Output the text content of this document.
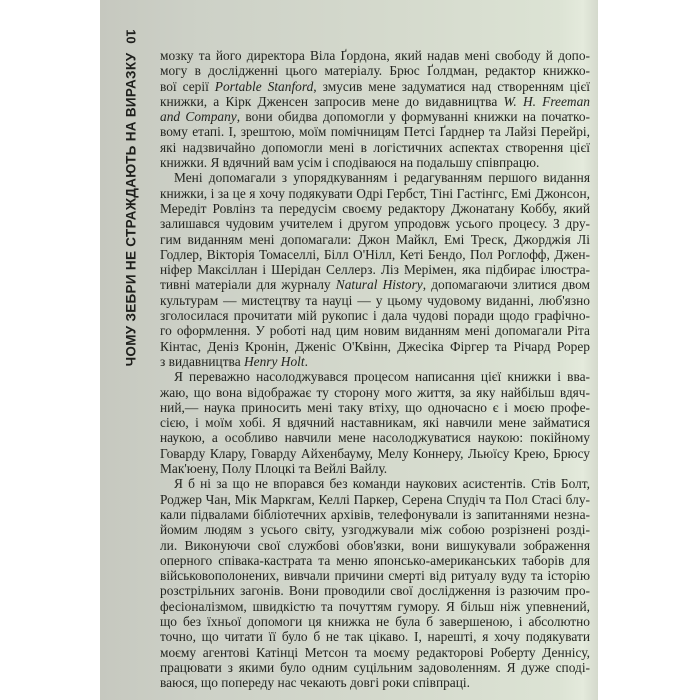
10
ЧОМУ ЗЕБРИ НЕ СТРАЖДАЮТЬ НА ВИРАЗКУ мозку та його директора Віла Ґордона, який надав мені свободу й допо-
могу в дослідженні цього матеріалу. Брюс Ґолдман, редактор книжко-
вої серії Portable Stanford, змусив мене задуматися над створенням цієї
книжки, а Кірк Дженсен запросив мене до видавництва W. H. Freeman
and Company, вони обидва допомогли у формуванні книжки на початко-
вому етапі. І, зрештою, моїм помічницям Петсі Ґарднер та Лайзі Перейрі,
які надзвичайно допомогли мені в логістичних аспектах створення цієї
книжки. Я вдячний вам усім і сподіваюся на подальшу співпрацю.
Мені допомагали з упорядкуванням і редагуванням першого видання
книжки, і за це я хочу подякувати Одрі Гербст, Тіні Гастінгс, Емі Джонсон,
Мередіт Ровлінз та передусім своєму редактору Джонатану Коббу, який
залишався чудовим учителем і другом упродовж усього процесу. З дру-
гим виданням мені допомагали: Джон Майкл, Емі Треск, Джорджія Лі
Годлер, Вікторія Томаселлі, Білл О'Нілл, Кеті Бендо, Пол Роглофф, Джен-
ніфер Максіллан і Шерідан Селлерз. Ліз Мерімен, яка підбирає ілюстра-
тивні матеріали для журналу Natural History, допомагаючи злитися двом
культурам — мистецтву та науці — у цьому чудовому виданні, люб'язно
зголосилася прочитати мій рукопис і дала чудові поради щодо графічно-
го оформлення. У роботі над цим новим виданням мені допомагали Ріта
Кінтас, Деніз Кронін, Дженіс О'Квінн, Джесіка Фіргер та Річард Рорер
з видавництва Henry Holt.
Я переважно насолоджувався процесом написання цієї книжки і вва-
жаю, що вона відображає ту сторону мого життя, за яку найбільш вдяч-
ний,— наука приносить мені таку втіху, що одночасно є і моєю профе-
сією, і моїм хобі. Я вдячний наставникам, які навчили мене займатися
наукою, а особливо навчили мене насолоджуватися наукою: покійному
Говарду Клару, Говарду Айхенбауму, Мелу Коннеру, Льюїсу Крею, Брюсу
Мак'юену, Полу Плоцкі та Вейлі Вайлу.
Я б ні за що не впорався без команди наукових асистентів. Стів Болт,
Роджер Чан, Мік Маркгам, Келлі Паркер, Серена Спудіч та Пол Стасі блу-
кали підвалами бібліотечних архівів, телефонували із запитаннями незна-
йомим людям з усього світу, узгоджували між собою розрізнені розді-
ли. Виконуючи свої службові обов'язки, вони вишукували зображення
оперного співака-кастрата та меню японсько-американських таборів для
військовополонених, вивчали причини смерті від ритуалу вуду та історію
розстрільних загонів. Вони проводили свої дослідження із разючим про-
фесіоналізмом, швидкістю та почуттям гумору. Я більш ніж упевнений,
що без їхньої допомоги ця книжка не була б завершеною, і абсолютно
точно, що читати її було б не так цікаво. І, нарешті, я хочу подякувати
моєму агентові Катінці Метсон та моєму редакторові Роберту Деннісу,
працювати з якими було одним суцільним задоволенням. Я дуже споді-
ваюся, що попереду нас чекають довгі роки співпраці.
